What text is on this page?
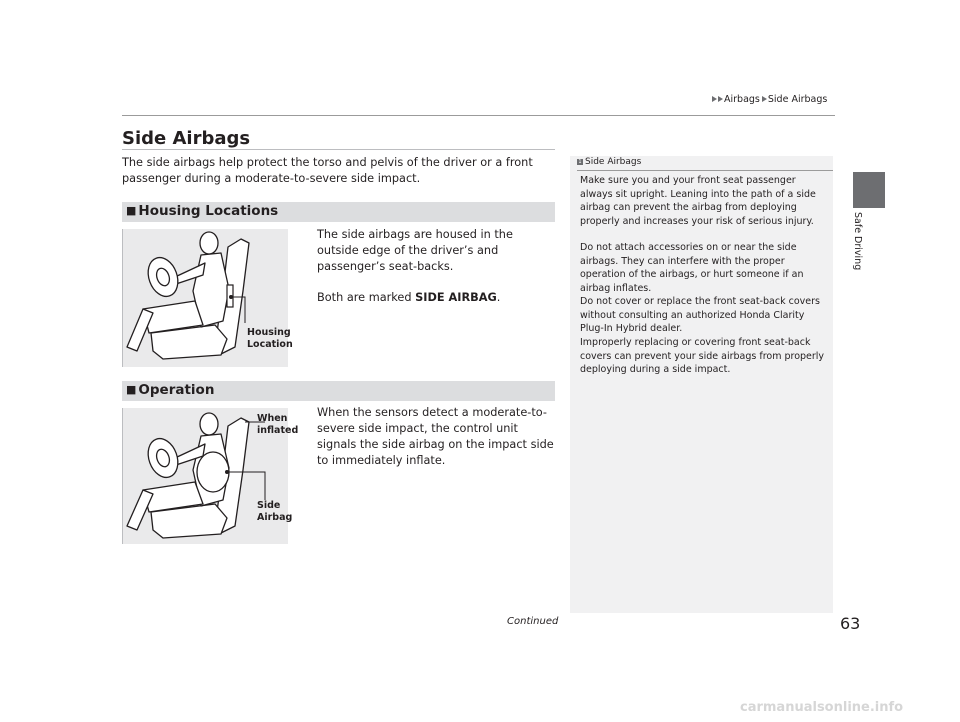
Airbags Side Airbags
Safe Driving
Side Airbags
The side airbags help protect the torso and pelvis of the driver or a front passenger during a moderate-to-severe side impact.
■ Housing Locations
Housing
Location
The side airbags are housed in the outside edge of the driver’s and passenger’s seat-backs.
Both are marked SIDE AIRBAG.
■ Operation
When
inflated
Side
Airbag
When the sensors detect a moderate-to-severe side impact, the control unit signals the side airbag on the impact side to immediately inflate.
1 Side Airbags
Make sure you and your front seat passenger always sit upright. Leaning into the path of a side airbag can prevent the airbag from deploying properly and increases your risk of serious injury.
Do not attach accessories on or near the side airbags. They can interfere with the proper operation of the airbags, or hurt someone if an airbag inflates.
Do not cover or replace the front seat-back covers without consulting an authorized Honda Clarity Plug-In Hybrid dealer.
Improperly replacing or covering front seat-back covers can prevent your side airbags from properly deploying during a side impact.
Continued	63
carmanualsonline.info
